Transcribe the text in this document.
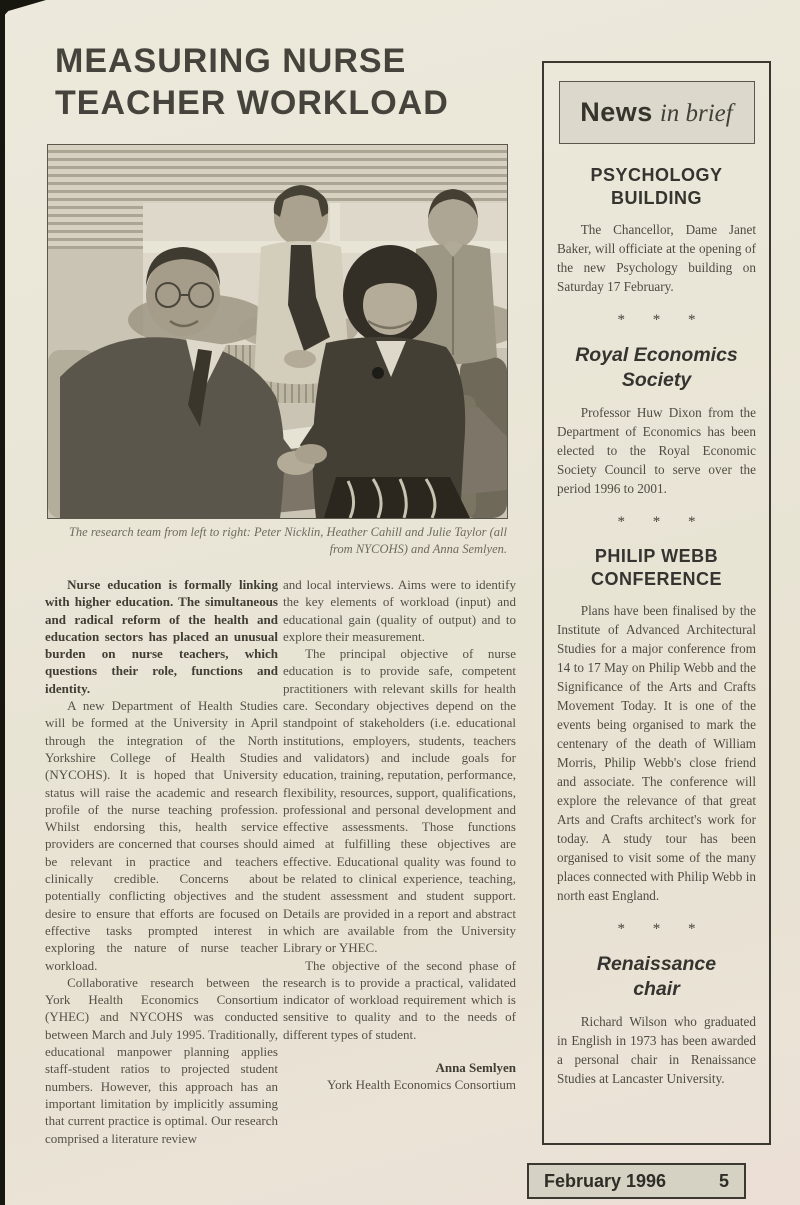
MEASURING NURSE
TEACHER WORKLOAD
The research team from left to right: Peter Nicklin, Heather Cahill and Julie Taylor (all from NYCOHS) and Anna Semlyen.

Nurse education is formally linking with higher education. The simultaneous and radical reform of the health and education sectors has placed an unusual burden on nurse teachers, which questions their role, functions and identity.

A new Department of Health Studies will be formed at the University in April through the integration of the North Yorkshire College of Health Studies (NYCOHS). It is hoped that University status will raise the academic and research profile of the nurse teaching profession. Whilst endorsing this, health service providers are concerned that courses should be relevant in practice and teachers clinically credible. Concerns about potentially conflicting objectives and the desire to ensure that efforts are focused on effective tasks prompted interest in exploring the nature of nurse teacher workload.

Collaborative research between the York Health Economics Consortium (YHEC) and NYCOHS was conducted between March and July 1995. Traditionally, educational manpower planning applies staff-student ratios to projected student numbers. However, this approach has an important limitation by implicitly assuming that current practice is optimal. Our research comprised a literature review

and local interviews. Aims were to identify the key elements of workload (input) and educational gain (quality of output) and to explore their measurement.

The principal objective of nurse education is to provide safe, competent practitioners with relevant skills for health care. Secondary objectives depend on the standpoint of stakeholders (i.e. educational institutions, employers, students, teachers and validators) and include goals for education, training, reputation, performance, flexibility, resources, support, qualifications, professional and personal development and effective assessments. Those functions aimed at fulfilling these objectives are effective. Educational quality was found to be related to clinical experience, teaching, student assessment and student support. Details are provided in a report and abstract which are available from the University Library or YHEC.

The objective of the second phase of research is to provide a practical, validated indicator of workload requirement which is sensitive to quality and to the needs of different types of student.

Anna Semlyen
York Health Economics Consortium
News in brief
PSYCHOLOGY BUILDING

The Chancellor, Dame Janet Baker, will officiate at the opening of the new Psychology building on Saturday 17 February.

* * *
Royal Economics Society

Professor Huw Dixon from the Department of Economics has been elected to the Royal Economic Society Council to serve over the period 1996 to 2001.

* * *
PHILIP WEBB CONFERENCE

Plans have been finalised by the Institute of Advanced Architectural Studies for a major conference from 14 to 17 May on Philip Webb and the Significance of the Arts and Crafts Movement Today. It is one of the events being organised to mark the centenary of the death of William Morris, Philip Webb's close friend and associate. The conference will explore the relevance of that great Arts and Crafts architect's work for today. A study tour has been organised to visit some of the many places connected with Philip Webb in north east England.

* * *
Renaissance chair

Richard Wilson who graduated in English in 1973 has been awarded a personal chair in Renaissance Studies at Lancaster University.

February 1996	5
